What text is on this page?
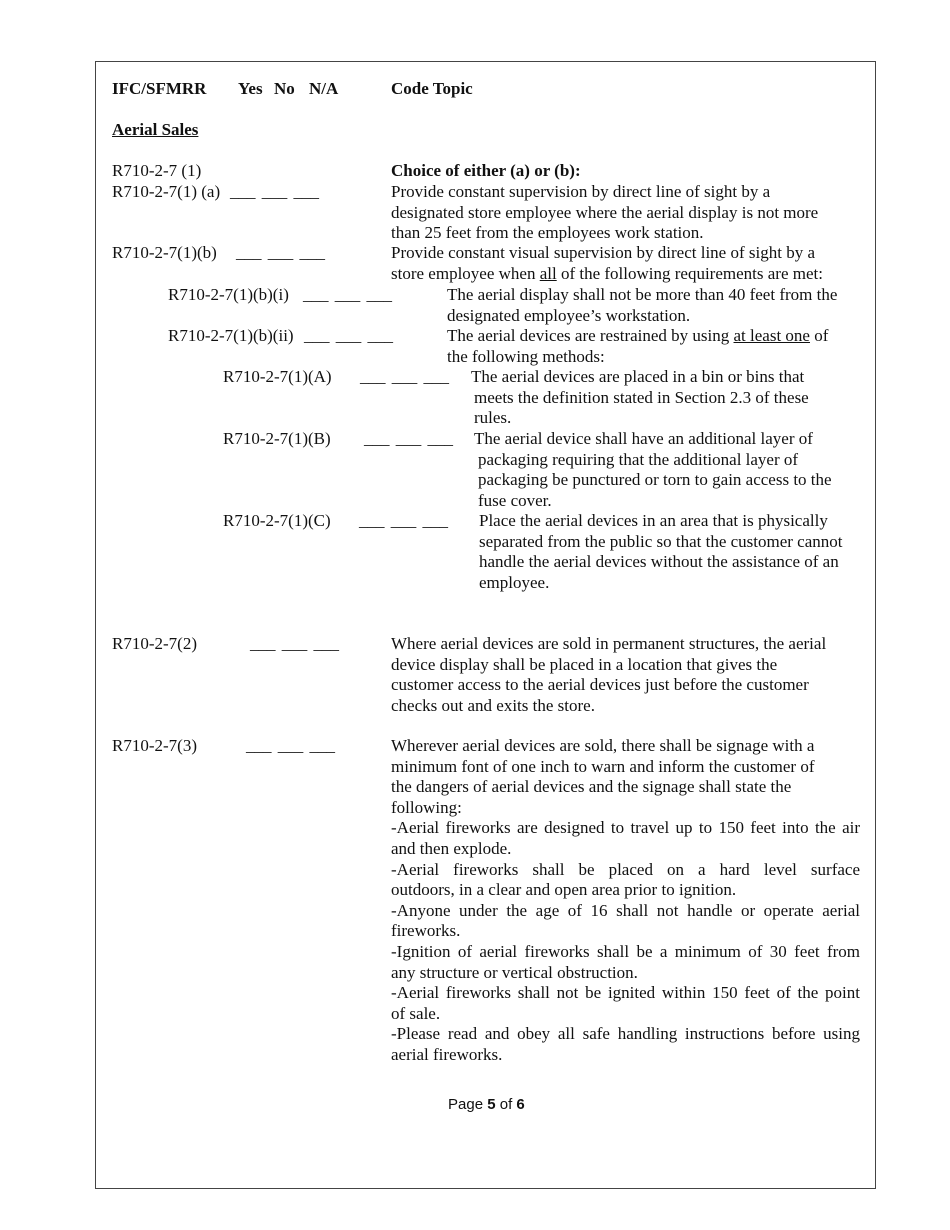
IFC/SFMRR Yes No N/A	Code Topic
Aerial Sales
R710-2-7 (1)	Choice of either (a) or (b):
R710-2-7(1) (a) ___ ___ ___	Provide constant supervision by direct line of sight by a
designated store employee where the aerial display is not more
than 25 feet from the employees work station.
R710-2-7(1)(b) ___ ___ ___	Provide constant visual supervision by direct line of sight by a
store employee when all of the following requirements are met:
R710-2-7(1)(b)(i) ___ ___ ___	The aerial display shall not be more than 40 feet from the
designated employee’s workstation.
R710-2-7(1)(b)(ii) ___ ___ ___	The aerial devices are restrained by using at least one of
the following methods:
R710-2-7(1)(A) ___ ___ ___ The aerial devices are placed in a bin or bins that
meets the definition stated in Section 2.3 of these
rules.
R710-2-7(1)(B) ___ ___ ___ The aerial device shall have an additional layer of
packaging requiring that the additional layer of
packaging be punctured or torn to gain access to the
fuse cover.
R710-2-7(1)(C) ___ ___ ___ Place the aerial devices in an area that is physically
separated from the public so that the customer cannot
handle the aerial devices without the assistance of an
employee.
R710-2-7(2)	___ ___ ___	Where aerial devices are sold in permanent structures, the aerial
device display shall be placed in a location that gives the
customer access to the aerial devices just before the customer
checks out and exits the store.
R710-2-7(3)	___ ___ ___	Wherever aerial devices are sold, there shall be signage with a
minimum font of one inch to warn and inform the customer of
the dangers of aerial devices and the signage shall state the
following:
-Aerial fireworks are designed to travel up to 150 feet into the air
and then explode.
-Aerial fireworks shall be placed on a hard level surface
outdoors, in a clear and open area prior to ignition.
-Anyone under the age of 16 shall not handle or operate aerial
fireworks.
-Ignition of aerial fireworks shall be a minimum of 30 feet from
any structure or vertical obstruction.
-Aerial fireworks shall not be ignited within 150 feet of the point
of sale.
-Please read and obey all safe handling instructions before using
aerial fireworks.
Page 5 of 6
